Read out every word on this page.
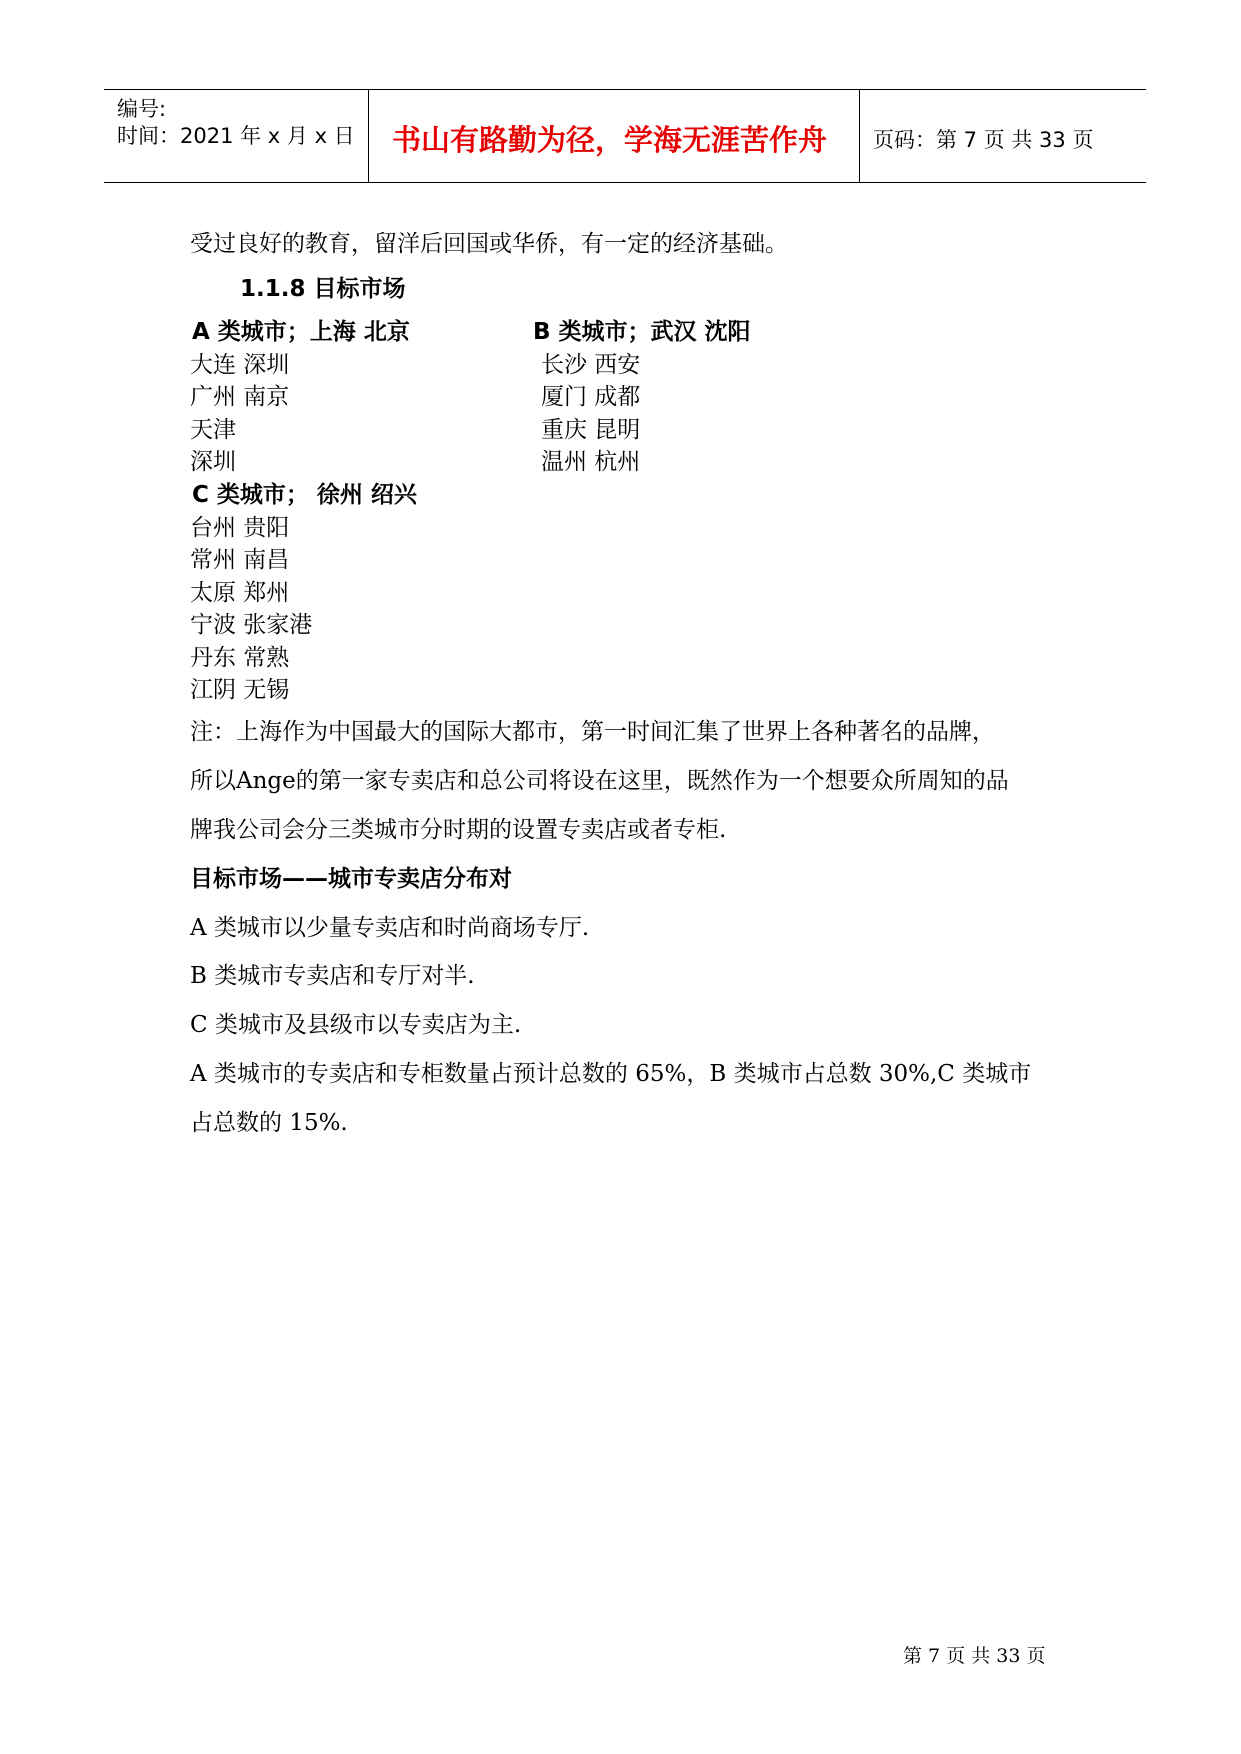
编号:
时间：2021 年 x 月 x 日 书山有路勤为径，学海无涯苦作舟 页码：第 7 页 共 33 页
受过良好的教育，留洋后回国或华侨，有一定的经济基础。
1.1.8 目标市场
A 类城市；上海 北京
大连 深圳
广州 南京
天津
深圳
B 类城市；武汉 沈阳
长沙 西安
厦门 成都
重庆 昆明
温州 杭州
C 类城市； 徐州 绍兴
台州 贵阳
常州 南昌
太原 郑州
宁波 张家港
丹东 常熟
江阴 无锡
注：上海作为中国最大的国际大都市，第一时间汇集了世界上各种著名的品牌，
所以Ange的第一家专卖店和总公司将设在这里，既然作为一个想要众所周知的品
牌我公司会分三类城市分时期的设置专卖店或者专柜.
目标市场——城市专卖店分布对
A 类城市以少量专卖店和时尚商场专厅.
B 类城市专卖店和专厅对半.
C 类城市及县级市以专卖店为主.
A 类城市的专卖店和专柜数量占预计总数的 65%，B 类城市占总数 30%,C 类城市
占总数的 15%.
第 7 页 共 33 页
